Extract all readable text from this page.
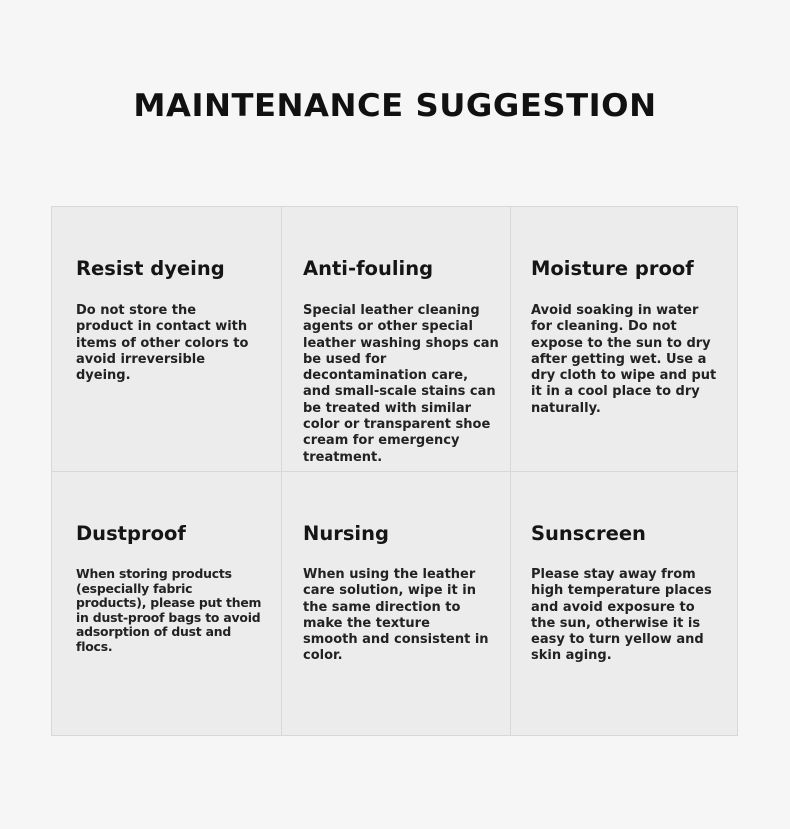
MAINTENANCE SUGGESTION
Resist dyeing

Do not store the product in contact with items of other colors to avoid irreversible dyeing.

Anti-fouling

Special leather cleaning agents or other special leather washing shops can be used for decontamination care, and small-scale stains can be treated with similar color or transparent shoe cream for emergency treatment.

Moisture proof

Avoid soaking in water for cleaning. Do not expose to the sun to dry after getting wet. Use a dry cloth to wipe and put it in a cool place to dry naturally.

Dustproof

When storing products (especially fabric products), please put them in dust-proof bags to avoid adsorption of dust and flocs.

Nursing

When using the leather care solution, wipe it in the same direction to make the texture smooth and consistent in color.

Sunscreen

Please stay away from high temperature places and avoid exposure to the sun, otherwise it is easy to turn yellow and skin aging.
